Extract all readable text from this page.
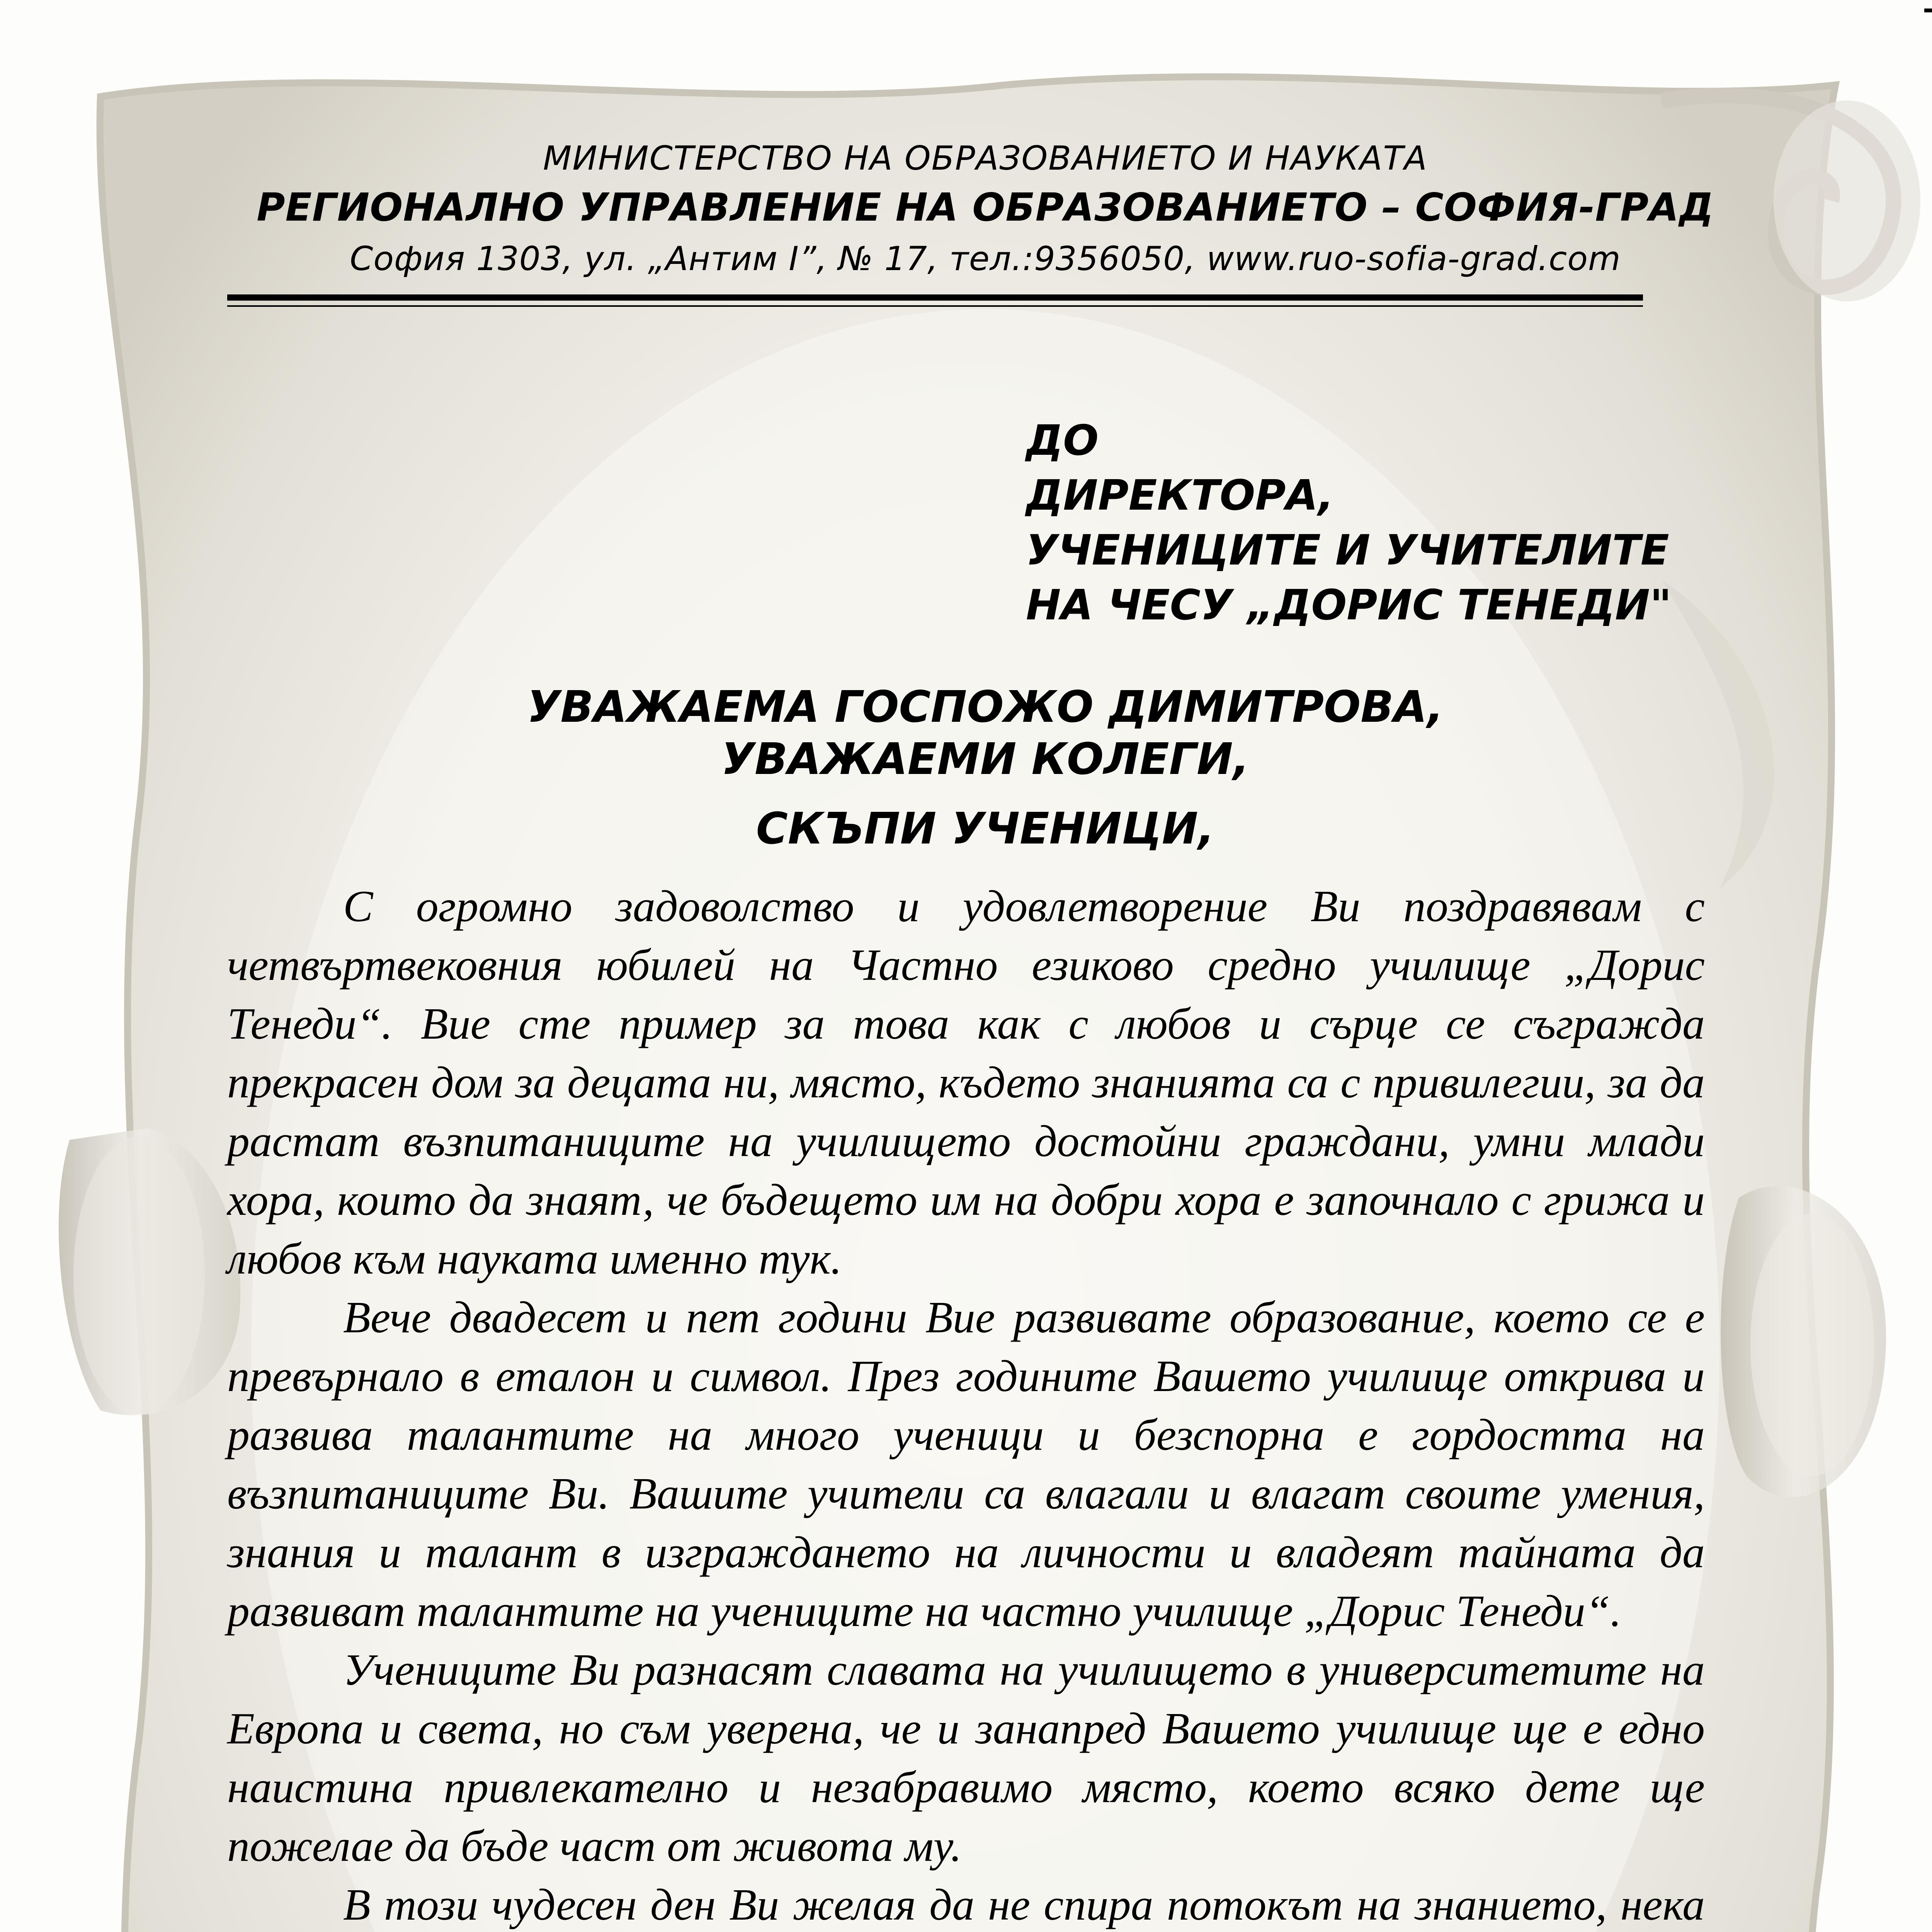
МИНИСТЕРСТВО НА ОБРАЗОВАНИЕТО И НАУКАТА
РЕГИОНАЛНО УПРАВЛЕНИЕ НА ОБРАЗОВАНИЕТО – СОФИЯ-ГРАД
София 1303, ул. „Антим I”, № 17, тел.:9356050, www.ruo-sofia-grad.com
ДО
ДИРЕКТОРА,
УЧЕНИЦИТЕ И УЧИТЕЛИТЕ
НА ЧЕСУ „ДОРИС ТЕНЕДИ"
УВАЖАЕМА ГОСПОЖО ДИМИТРОВА,
УВАЖАЕМИ КОЛЕГИ,
СКЪПИ УЧЕНИЦИ,

С огромно задоволство и удовлетворение Ви поздравявам с четвъртвековния юбилей на Частно езиково средно училище „Дорис Тенеди“. Вие сте пример за това как с любов и сърце се съгражда прекрасен дом за децата ни, място, където знанията са с привилегии, за да растат възпитаниците на училището достойни граждани, умни млади хора, които да знаят, че бъдещето им на добри хора е започнало с грижа и любов към науката именно тук.

Вече двадесет и пет години Вие развивате образование, което се е превърнало в еталон и символ. През годините Вашето училище открива и развива талантите на много ученици и безспорна е гордостта на възпитаниците Ви. Вашите учители са влагали и влагат своите умения, знания и талант в изграждането на личности и владеят тайната да развиват талантите на учениците на частно училище „Дорис Тенеди“.

Учениците Ви разнасят славата на училището в университетите на Европа и света, но съм уверена, че и занапред Вашето училище ще е едно наистина привлекателно и незабравимо място, което всяко дете ще пожелае да бъде част от живота му.

В този чудесен ден Ви желая да не спира потокът на знанието, нека
